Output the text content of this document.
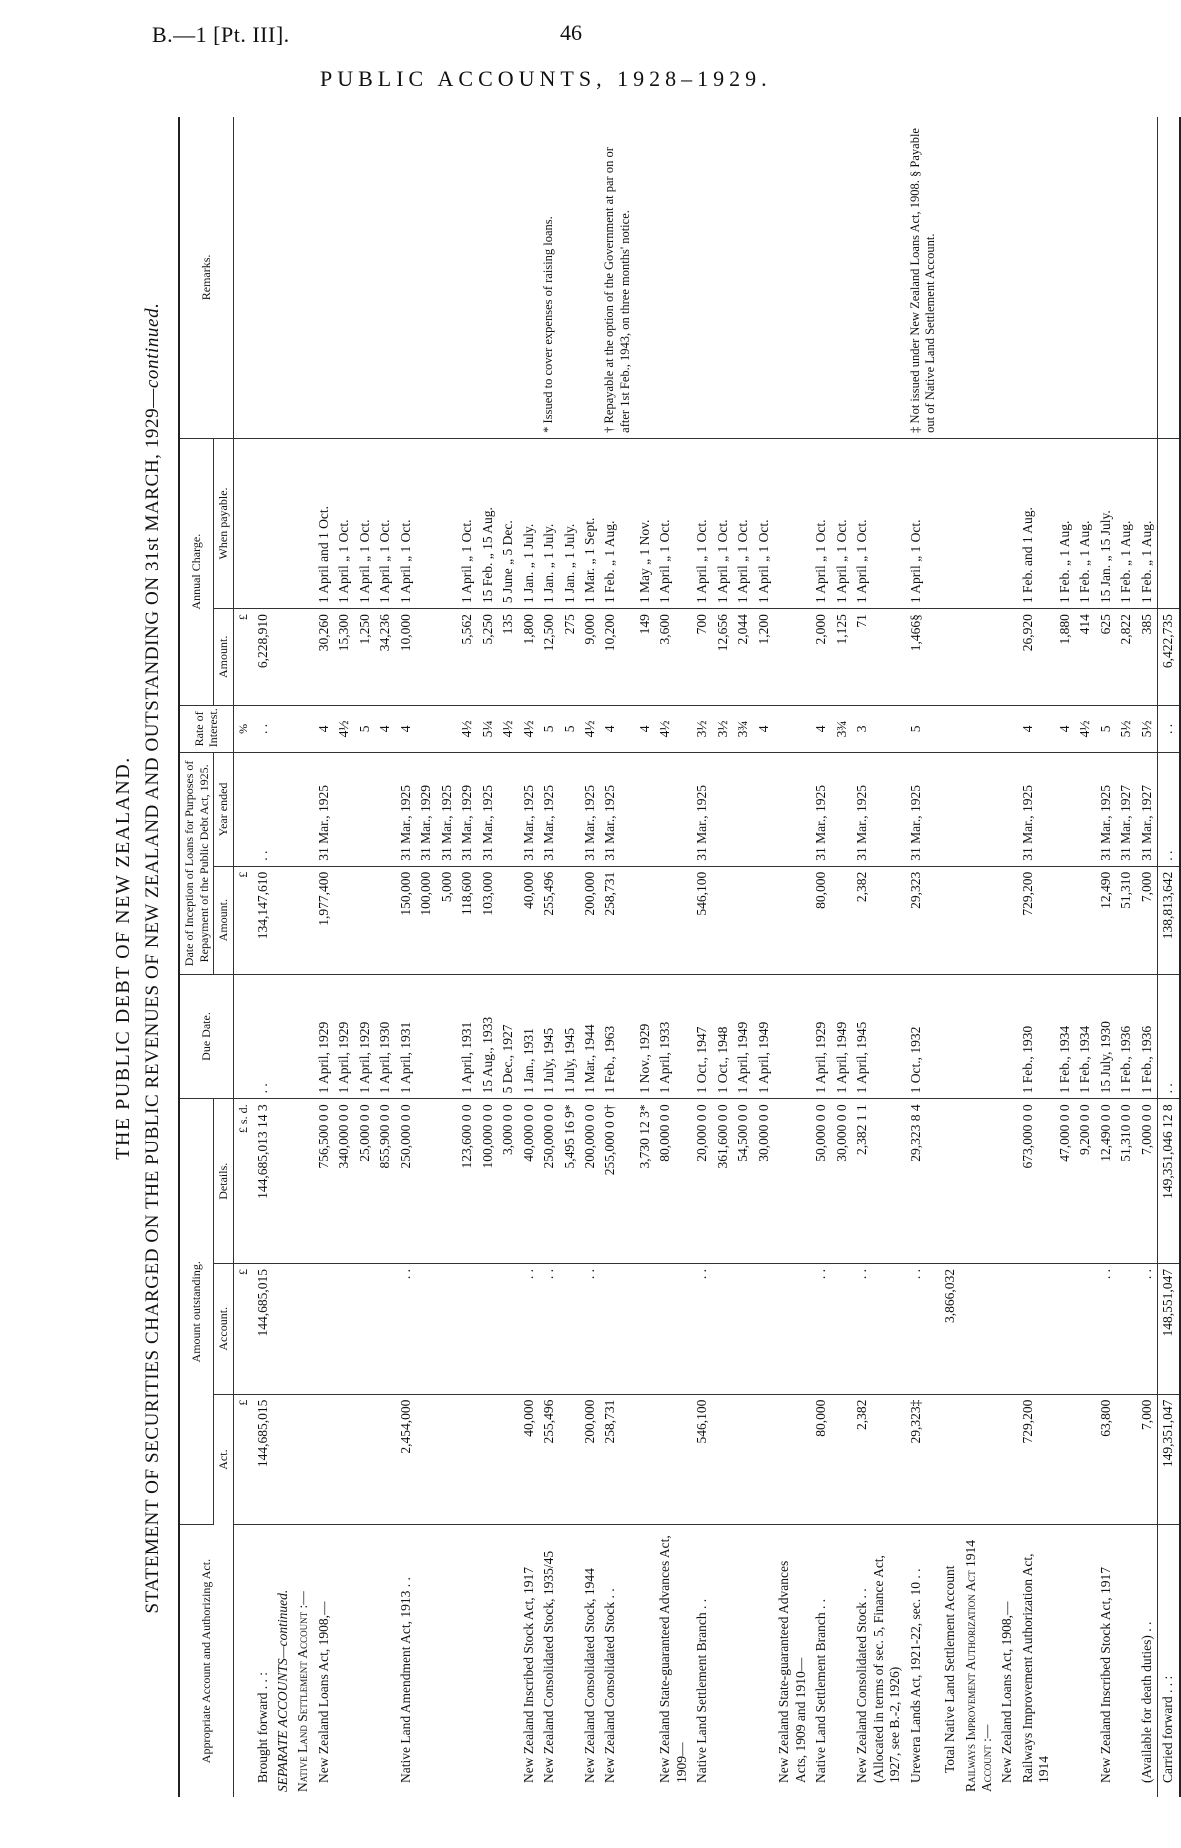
B.—1 [Pt. III].	46
PUBLIC ACCOUNTS, 1928–1929.
THE PUBLIC DEBT OF NEW ZEALAND. STATEMENT OF SECURITIES CHARGED ON THE PUBLIC REVENUES OF NEW ZEALAND AND OUTSTANDING ON 31st MARCH, 1929—continued.
Appropriate Account and Authorizing Act.	Amount outstanding.			Due Date.	Date of Inception of Loans for Purposes of Repayment of the Public Debt Act, 1925.		Rate of Interest.	Annual Charge.		Remarks.
	Act.	Account.	Details.		Amount.	Year ended		Amount.	When payable.	
	£	£	£ s. d.		£		%	£		
Brought forward . . :	144,685,015	144,685,015	144,685,013 14 3	. .	134,147,610	. .	. .	6,228,910		
SEPARATE ACCOUNTS—continued.										
Native Land Settlement Account :—										
New Zealand Loans Act, 1908,—			756,500 0 0	1 April, 1929	1,977,400	31 Mar., 1925	4	30,260	1 April and 1 Oct.	
			340,000 0 0	1 April, 1929			4½	15,300	1 April „ 1 Oct.	
			25,000 0 0	1 April, 1929			5	1,250	1 April „ 1 Oct.	
			855,900 0 0	1 April, 1930			4	34,236	1 April „ 1 Oct.	
Native Land Amendment Act, 1913 . .	2,454,000	. .	250,000 0 0	1 April, 1931	150,000	31 Mar., 1925	4	10,000	1 April „ 1 Oct.	
					100,000	31 Mar., 1929				
					5,000	31 Mar., 1925				
			123,600 0 0	1 April, 1931	118,600	31 Mar., 1929	4½	5,562	1 April „ 1 Oct.	
			100,000 0 0	15 Aug., 1933	103,000	31 Mar., 1925	5¼	5,250	15 Feb. „ 15 Aug.	
			3,000 0 0	5 Dec., 1927			4½	135	5 June „ 5 Dec.	
New Zealand Inscribed Stock Act, 1917	40,000	. .	40,000 0 0	1 Jan., 1931	40,000	31 Mar., 1925	4½	1,800	1 Jan. „ 1 July.	
New Zealand Consolidated Stock, 1935/45	255,496	. .	250,000 0 0	1 July, 1945	255,496	31 Mar., 1925	5	12,500	1 Jan. „ 1 July.	* Issued to cover expenses of raising loans.
			5,495 16 9*	1 July, 1945			5	275	1 Jan. „ 1 July.	
New Zealand Consolidated Stock, 1944	200,000	. .	200,000 0 0	1 Mar., 1944	200,000	31 Mar., 1925	4½	9,000	1 Mar. „ 1 Sept.	
New Zealand Consolidated Stock . .	258,731		255,000 0 0†	1 Feb., 1963	258,731	31 Mar., 1925	4	10,200	1 Feb. „ 1 Aug.	† Repayable at the option of the Government at par on or after 1st Feb., 1943, on three months' notice.
			3,730 12 3*	1 Nov., 1929			4	149	1 May „ 1 Nov.	
New Zealand State-guaranteed Advances Act, 1909—			80,000 0 0	1 April, 1933			4½	3,600	1 April „ 1 Oct.	
Native Land Settlement Branch . .	546,100	. .	20,000 0 0	1 Oct., 1947	546,100	31 Mar., 1925	3½	700	1 April „ 1 Oct.	
			361,600 0 0	1 Oct., 1948			3½	12,656	1 April „ 1 Oct.	
			54,500 0 0	1 April, 1949			3¾	2,044	1 April „ 1 Oct.	
			30,000 0 0	1 April, 1949			4	1,200	1 April „ 1 Oct.	
New Zealand State-guaranteed Advances Acts, 1909 and 1910—										
Native Land Settlement Branch . .	80,000	. .	50,000 0 0	1 April, 1929	80,000	31 Mar., 1925	4	2,000	1 April „ 1 Oct.	
			30,000 0 0	1 April, 1949			3¾	1,125	1 April „ 1 Oct.	
New Zealand Consolidated Stock . . (Allocated in terms of sec. 5, Finance Act, 1927, see B.-2, 1926)	2,382	. .	2,382 1 1	1 April, 1945	2,382	31 Mar., 1925	3	71	1 April „ 1 Oct.	
Urewera Lands Act, 1921-22, sec. 10 . .	29,323‡	. .	29,323 8 4	1 Oct., 1932	29,323	31 Mar., 1925	5	1,466§	1 April „ 1 Oct.	‡ Not issued under New Zealand Loans Act, 1908. § Payable out of Native Land Settlement Account.
Total Native Land Settlement Account		3,866,032								
Railways Improvement Authorization Act 1914 Account :—										
New Zealand Loans Act, 1908,—										
Railways Improvement Authorization Act, 1914	729,200		673,000 0 0	1 Feb., 1930	729,200	31 Mar., 1925	4	26,920	1 Feb. and 1 Aug.	
			47,000 0 0	1 Feb., 1934			4	1,880	1 Feb. „ 1 Aug.	
			9,200 0 0	1 Feb., 1934			4½	414	1 Feb. „ 1 Aug.	
New Zealand Inscribed Stock Act, 1917	63,800	. .	12,490 0 0	15 July, 1930	12,490	31 Mar., 1925	5	625	15 Jan. „ 15 July.	
			51,310 0 0	1 Feb., 1936	51,310	31 Mar., 1927	5½	2,822	1 Feb. „ 1 Aug.	
(Available for death duties) . .	7,000	. .	7,000 0 0	1 Feb., 1936	7,000	31 Mar., 1927	5½	385	1 Feb. „ 1 Aug.	
Carried forward . . :	149,351,047	148,551,047	149,351,046 12 8	. .	138,813,642	. .	. .	6,422,735		
